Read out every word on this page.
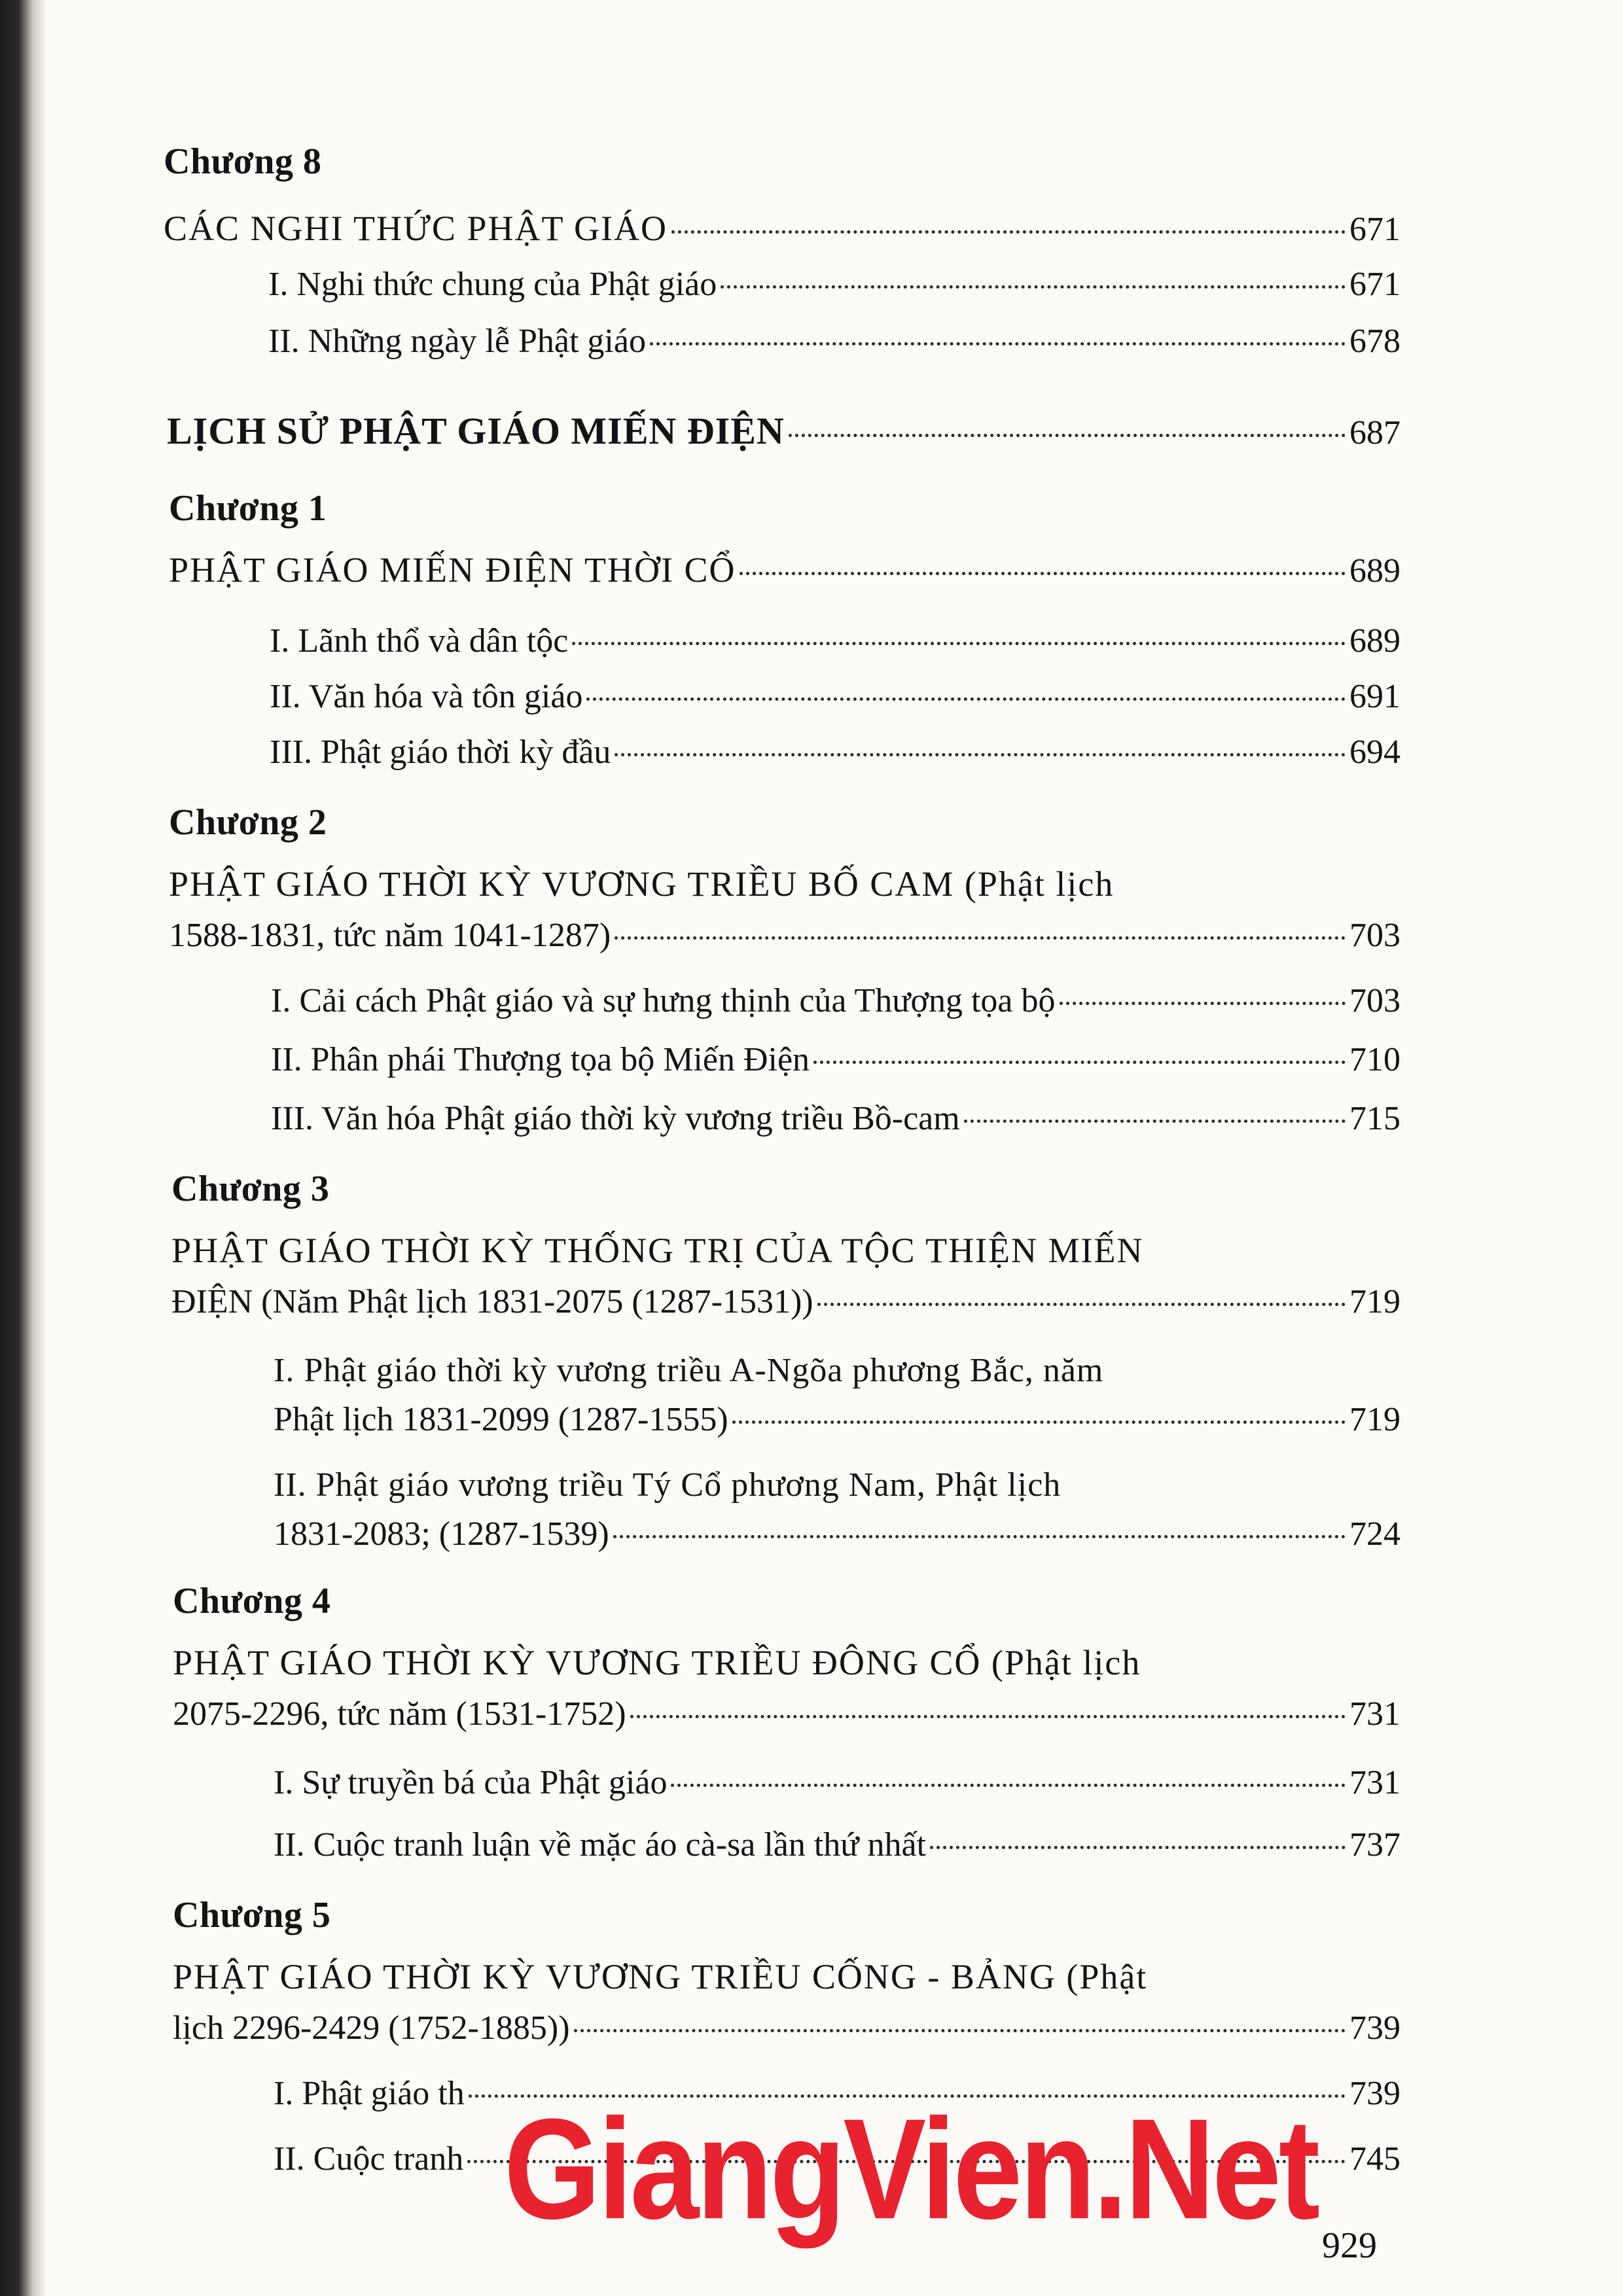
Chương 8
CÁC NGHI THỨC PHẬT GIÁO	671
I. Nghi thức chung của Phật giáo	671
II. Những ngày lễ Phật giáo	678
LỊCH SỬ PHẬT GIÁO MIẾN ĐIỆN	687
Chương 1
PHẬT GIÁO MIẾN ĐIỆN THỜI CỔ	689
I. Lãnh thổ và dân tộc	689
II. Văn hóa và tôn giáo	691
III. Phật giáo thời kỳ đầu	694
Chương 2
PHẬT GIÁO THỜI KỲ VƯƠNG TRIỀU BỐ CAM (Phật lịch
1588-1831, tức năm 1041-1287)	703
I. Cải cách Phật giáo và sự hưng thịnh của Thượng tọa bộ	703
II. Phân phái Thượng tọa bộ Miến Điện	710
III. Văn hóa Phật giáo thời kỳ vương triều Bồ-cam	715
Chương 3
PHẬT GIÁO THỜI KỲ THỐNG TRỊ CỦA TỘC THIỆN MIẾN
ĐIỆN (Năm Phật lịch 1831-2075 (1287-1531))	719
I. Phật giáo thời kỳ vương triều A-Ngõa phương Bắc, năm
Phật lịch 1831-2099 (1287-1555)	719
II. Phật giáo vương triều Tý Cổ phương Nam, Phật lịch
1831-2083; (1287-1539)	724
Chương 4
PHẬT GIÁO THỜI KỲ VƯƠNG TRIỀU ĐÔNG CỔ (Phật lịch
2075-2296, tức năm (1531-1752)	731
I. Sự truyền bá của Phật giáo	731
II. Cuộc tranh luận về mặc áo cà-sa lần thứ nhất	737
Chương 5
PHẬT GIÁO THỜI KỲ VƯƠNG TRIỀU CỐNG - BẢNG (Phật
lịch 2296-2429 (1752-1885))	739
I. Phật giáo th	739
II. Cuộc tranh	745
GiangVien.Net 929
